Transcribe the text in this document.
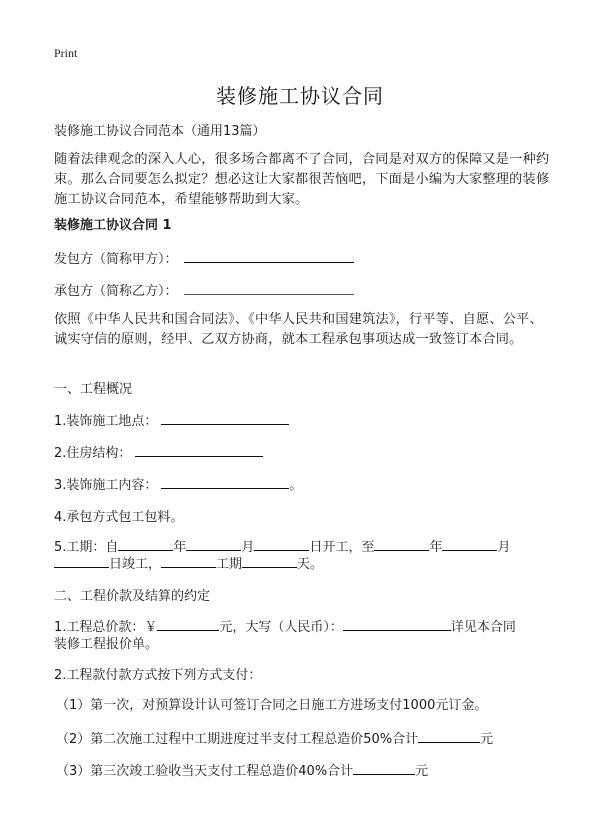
Print
装修施工协议合同
装修施工协议合同范本（通用13篇）
随着法律观念的深入人心，很多场合都离不了合同，合同是对双方的保障又是一种约束。那么合同要怎么拟定？想必这让大家都很苦恼吧，下面是小编为大家整理的装修施工协议合同范本，希望能够帮助到大家。
装修施工协议合同 1
发包方（简称甲方）：
承包方（简称乙方）：
依照《中华人民共和国合同法》、《中华人民共和国建筑法》，行平等、自愿、公平、诚实守信的原则，经甲、乙双方协商，就本工程承包事项达成一致签订本合同。
一、工程概况
1.装饰施工地点：
2.住房结构：
3.装饰施工内容：	。
4.承包方式包工包料。
5.工期：自	年	月	日开工，至	年	月
日竣工，	工期	天。
二、工程价款及结算的约定
1.工程总价款：￥	元，大写（人民币）：	详见本合同
装修工程报价单。
2.工程款付款方式按下列方式支付：
（1）第一次，对预算设计认可签订合同之日施工方进场支付1000元订金。
（2）第二次施工过程中工期进度过半支付工程总造价50%合计	元
（3）第三次竣工验收当天支付工程总造价40%合计	元
